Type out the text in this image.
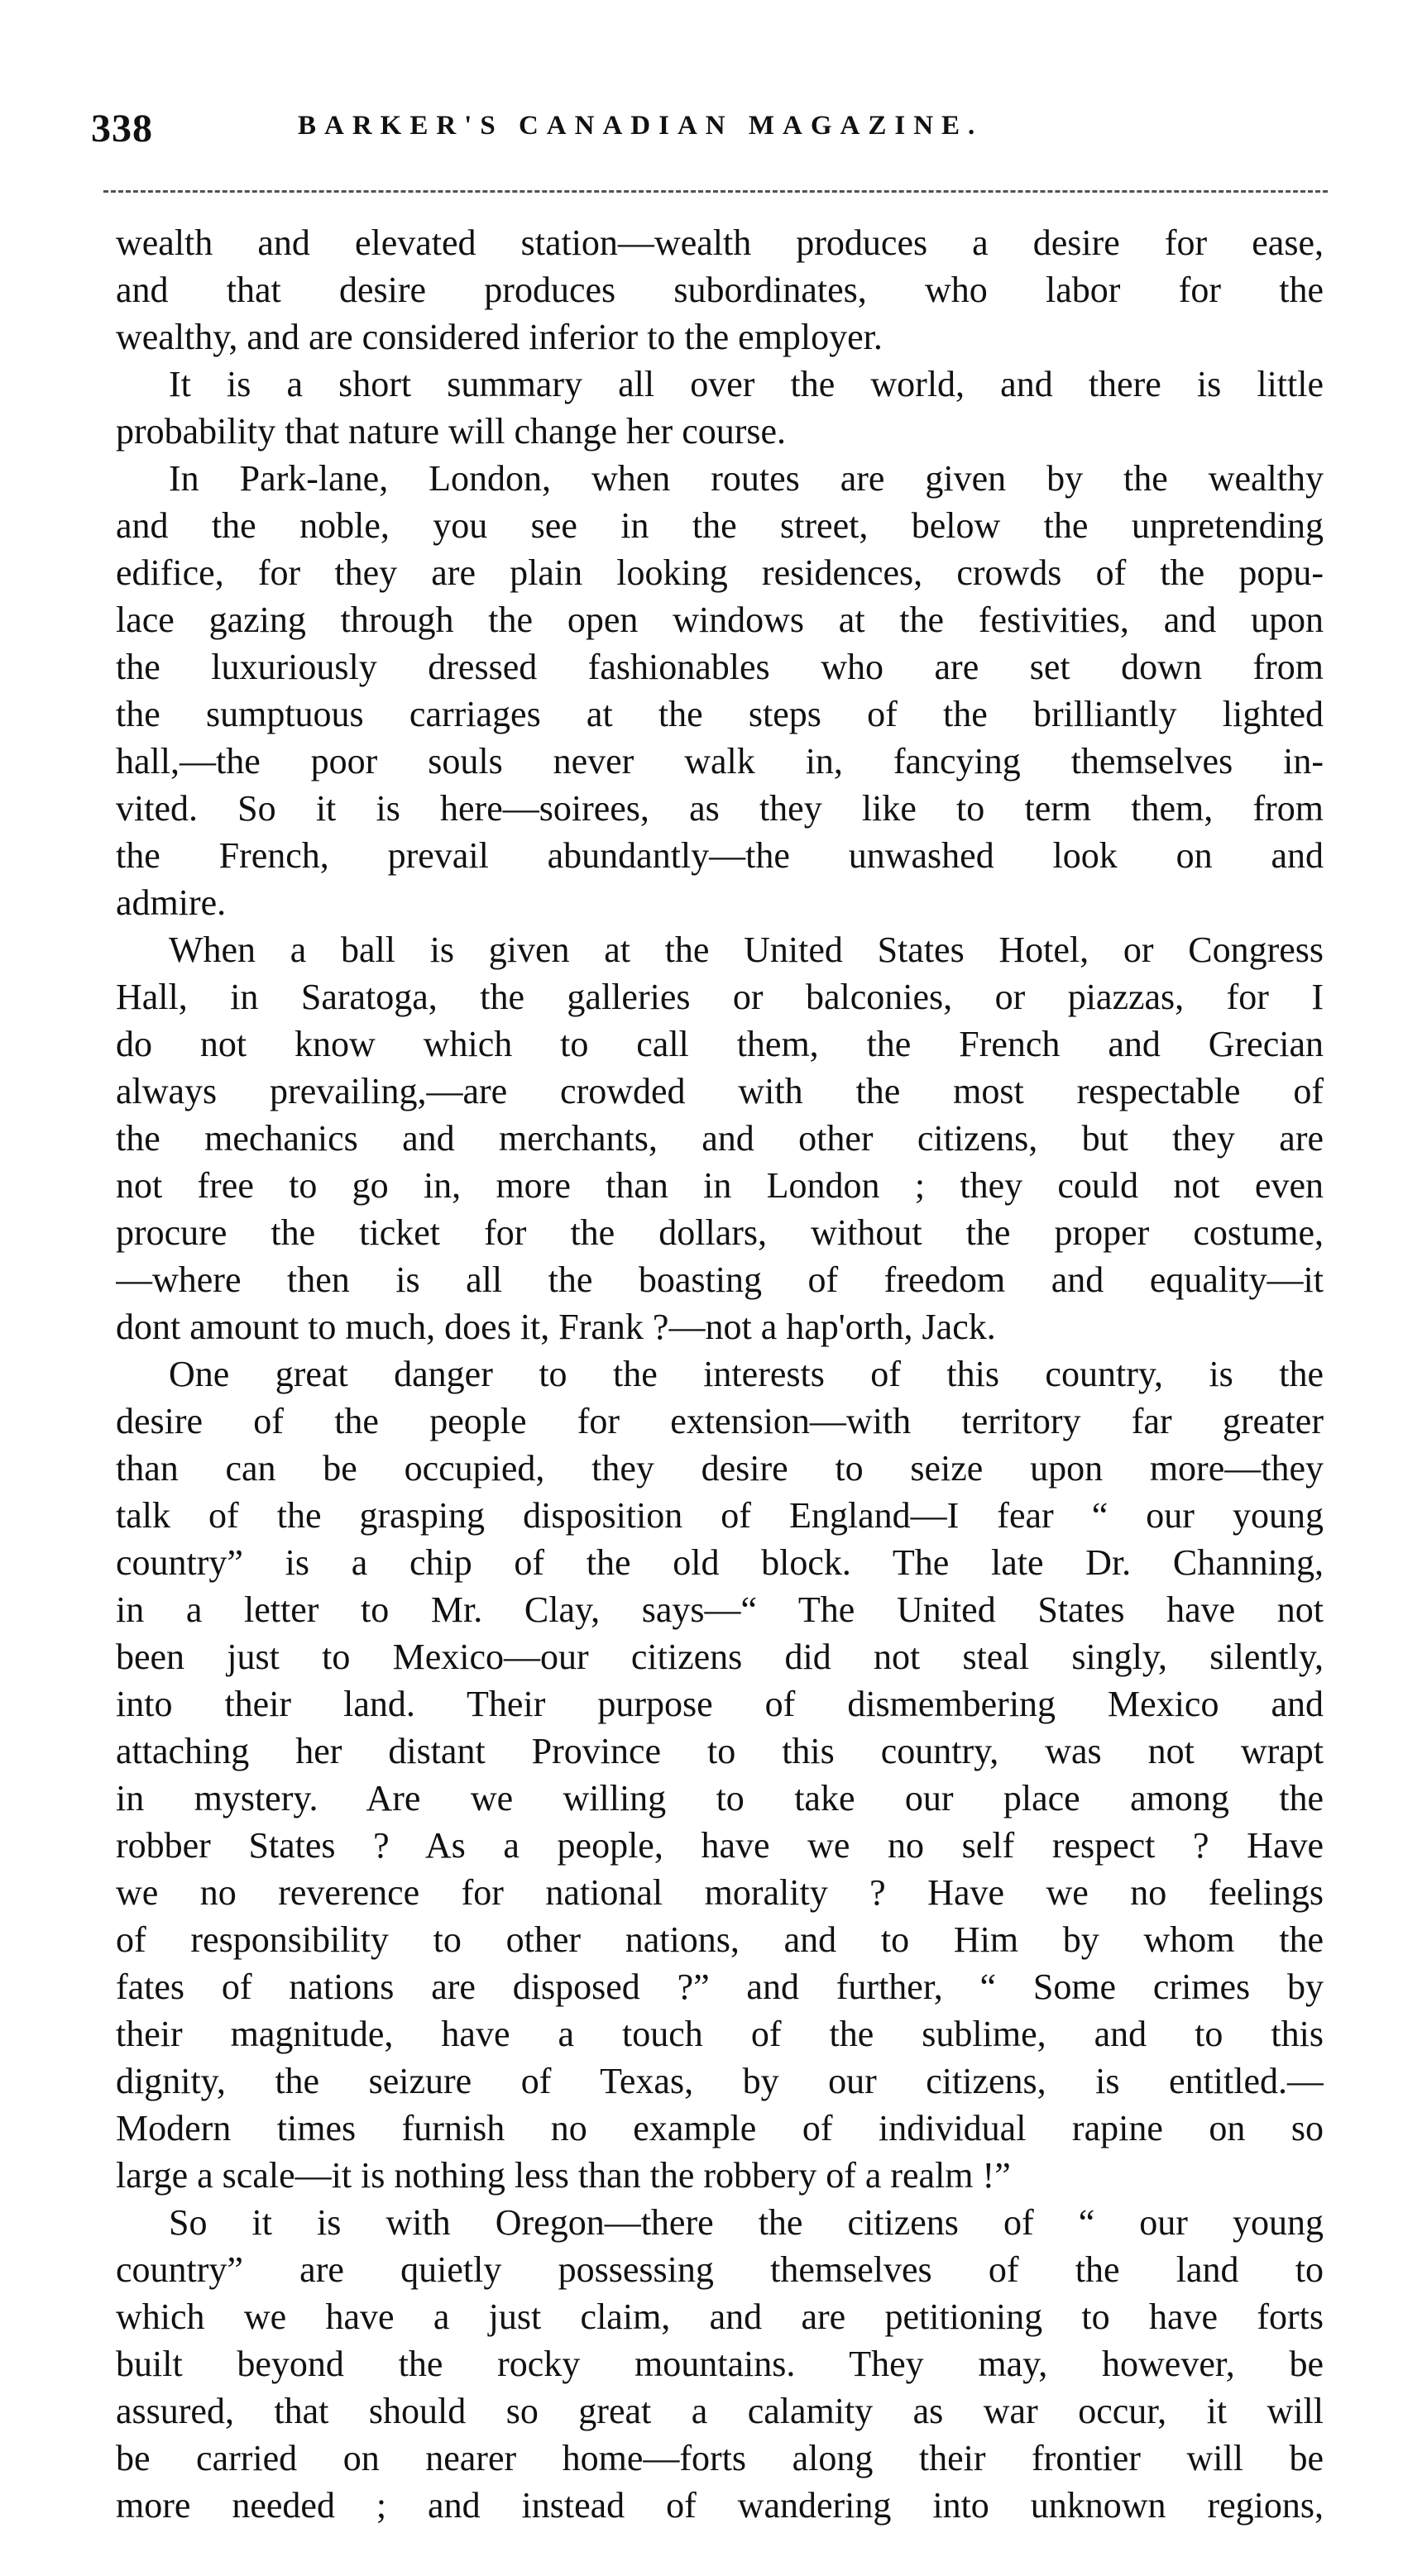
338	BARKER'S CANADIAN MAGAZINE.
wealth and elevated station—wealth produces a desire for ease,
and that desire produces subordinates, who labor for the
wealthy, and are considered inferior to the employer.
It is a short summary all over the world, and there is little
probability that nature will change her course.
In Park-lane, London, when routes are given by the wealthy
and the noble, you see in the street, below the unpretending
edifice, for they are plain looking residences, crowds of the popu-
lace gazing through the open windows at the festivities, and upon
the luxuriously dressed fashionables who are set down from
the sumptuous carriages at the steps of the brilliantly lighted
hall,—the poor souls never walk in, fancying themselves in-
vited. So it is here—soirees, as they like to term them, from
the French, prevail abundantly—the unwashed look on and
admire.
When a ball is given at the United States Hotel, or Congress
Hall, in Saratoga, the galleries or balconies, or piazzas, for I
do not know which to call them, the French and Grecian
always prevailing,—are crowded with the most respectable of
the mechanics and merchants, and other citizens, but they are
not free to go in, more than in London ; they could not even
procure the ticket for the dollars, without the proper costume,
—where then is all the boasting of freedom and equality—it
dont amount to much, does it, Frank ?—not a hap'orth, Jack.
One great danger to the interests of this country, is the
desire of the people for extension—with territory far greater
than can be occupied, they desire to seize upon more—they
talk of the grasping disposition of England—I fear “ our young
country” is a chip of the old block. The late Dr. Channing,
in a letter to Mr. Clay, says—“ The United States have not
been just to Mexico—our citizens did not steal singly, silently,
into their land. Their purpose of dismembering Mexico and
attaching her distant Province to this country, was not wrapt
in mystery. Are we willing to take our place among the
robber States ? As a people, have we no self respect ? Have
we no reverence for national morality ? Have we no feelings
of responsibility to other nations, and to Him by whom the
fates of nations are disposed ?” and further, “ Some crimes by
their magnitude, have a touch of the sublime, and to this
dignity, the seizure of Texas, by our citizens, is entitled.—
Modern times furnish no example of individual rapine on so
large a scale—it is nothing less than the robbery of a realm !”
So it is with Oregon—there the citizens of “ our young
country” are quietly possessing themselves of the land to
which we have a just claim, and are petitioning to have forts
built beyond the rocky mountains. They may, however, be
assured, that should so great a calamity as war occur, it will
be carried on nearer home—forts along their frontier will be
more needed ; and instead of wandering into unknown regions,
